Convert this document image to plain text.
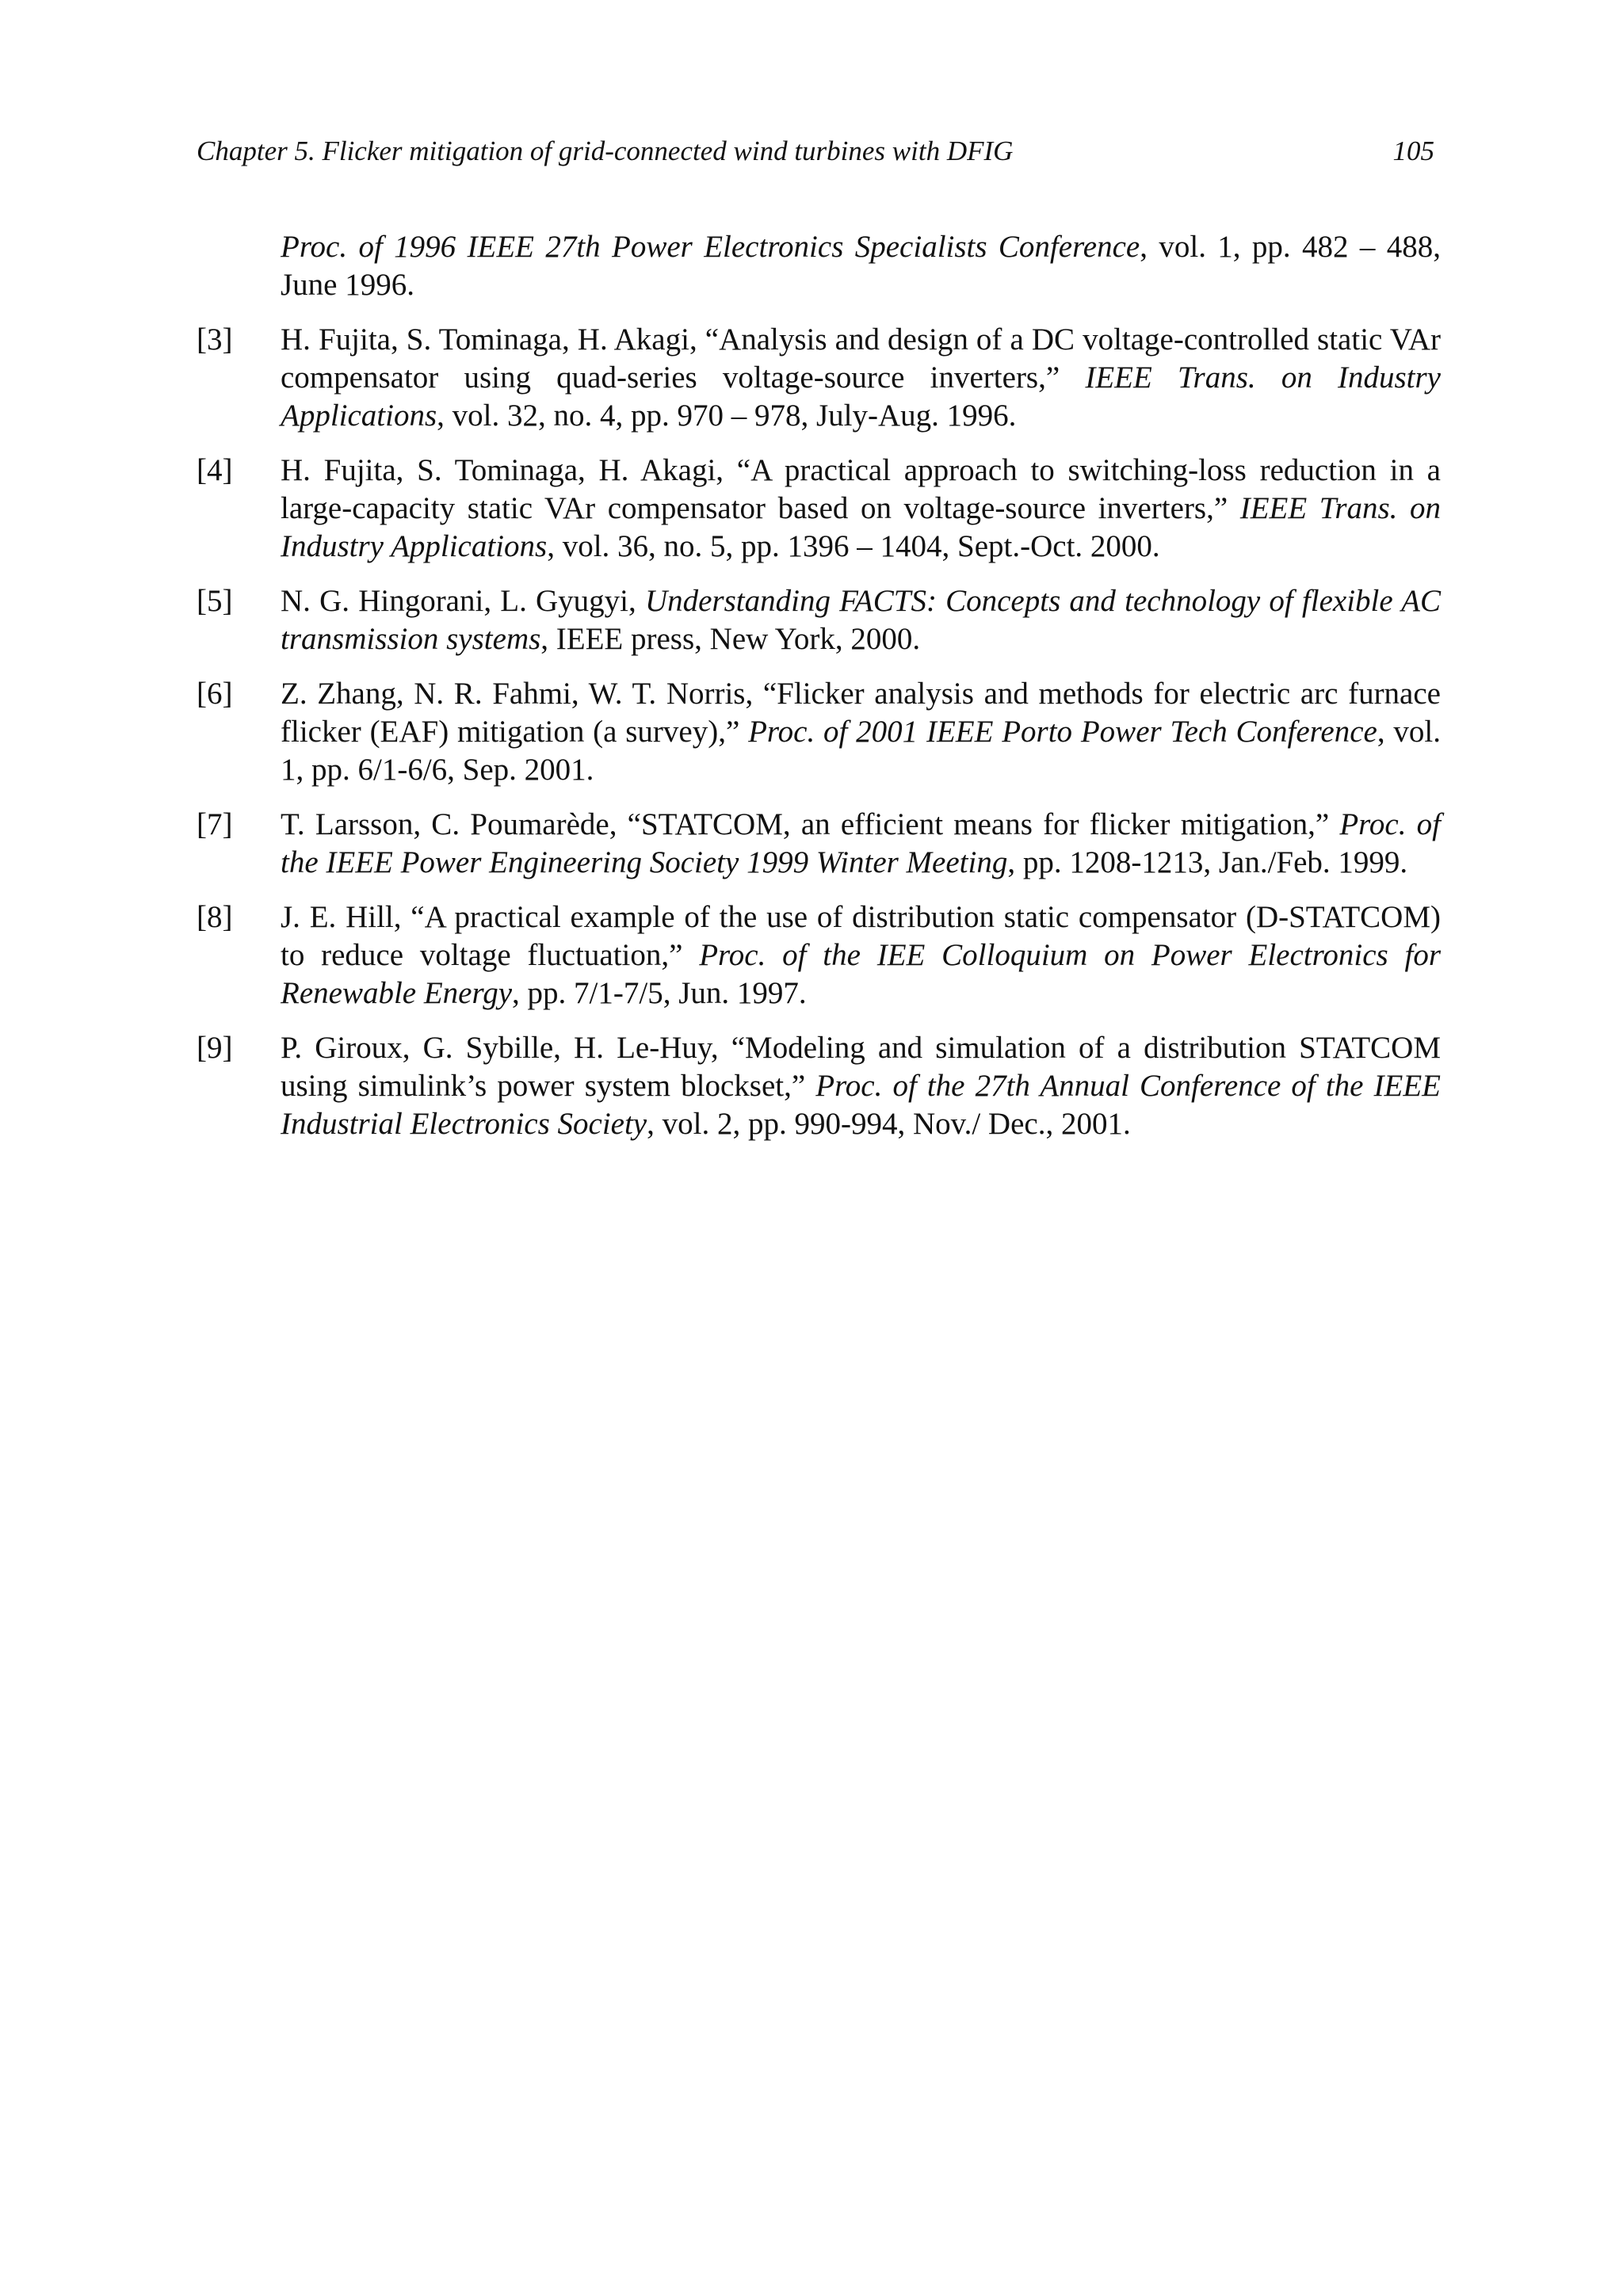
Chapter 5. Flicker mitigation of grid-connected wind turbines with DFIG	105
Proc. of 1996 IEEE 27th Power Electronics Specialists Conference, vol. 1, pp. 482 – 488, June 1996.
[3] H. Fujita, S. Tominaga, H. Akagi, “Analysis and design of a DC voltage-controlled static VAr compensator using quad-series voltage-source inverters,” IEEE Trans. on Industry Applications, vol. 32, no. 4, pp. 970 – 978, July-Aug. 1996.
[4] H. Fujita, S. Tominaga, H. Akagi, “A practical approach to switching-loss reduction in a large-capacity static VAr compensator based on voltage-source inverters,” IEEE Trans. on Industry Applications, vol. 36, no. 5, pp. 1396 – 1404, Sept.-Oct. 2000.
[5] N. G. Hingorani, L. Gyugyi, Understanding FACTS: Concepts and technology of flexible AC transmission systems, IEEE press, New York, 2000.
[6] Z. Zhang, N. R. Fahmi, W. T. Norris, “Flicker analysis and methods for electric arc furnace flicker (EAF) mitigation (a survey),” Proc. of 2001 IEEE Porto Power Tech Conference, vol. 1, pp. 6/1-6/6, Sep. 2001.
[7] T. Larsson, C. Poumarède, “STATCOM, an efficient means for flicker mitigation,” Proc. of the IEEE Power Engineering Society 1999 Winter Meeting, pp. 1208-1213, Jan./Feb. 1999.
[8] J. E. Hill, “A practical example of the use of distribution static compensator (D-STATCOM) to reduce voltage fluctuation,” Proc. of the IEE Colloquium on Power Electronics for Renewable Energy, pp. 7/1-7/5, Jun. 1997.
[9] P. Giroux, G. Sybille, H. Le-Huy, “Modeling and simulation of a distribution STATCOM using simulink’s power system blockset,” Proc. of the 27th Annual Conference of the IEEE Industrial Electronics Society, vol. 2, pp. 990-994, Nov./ Dec., 2001.
